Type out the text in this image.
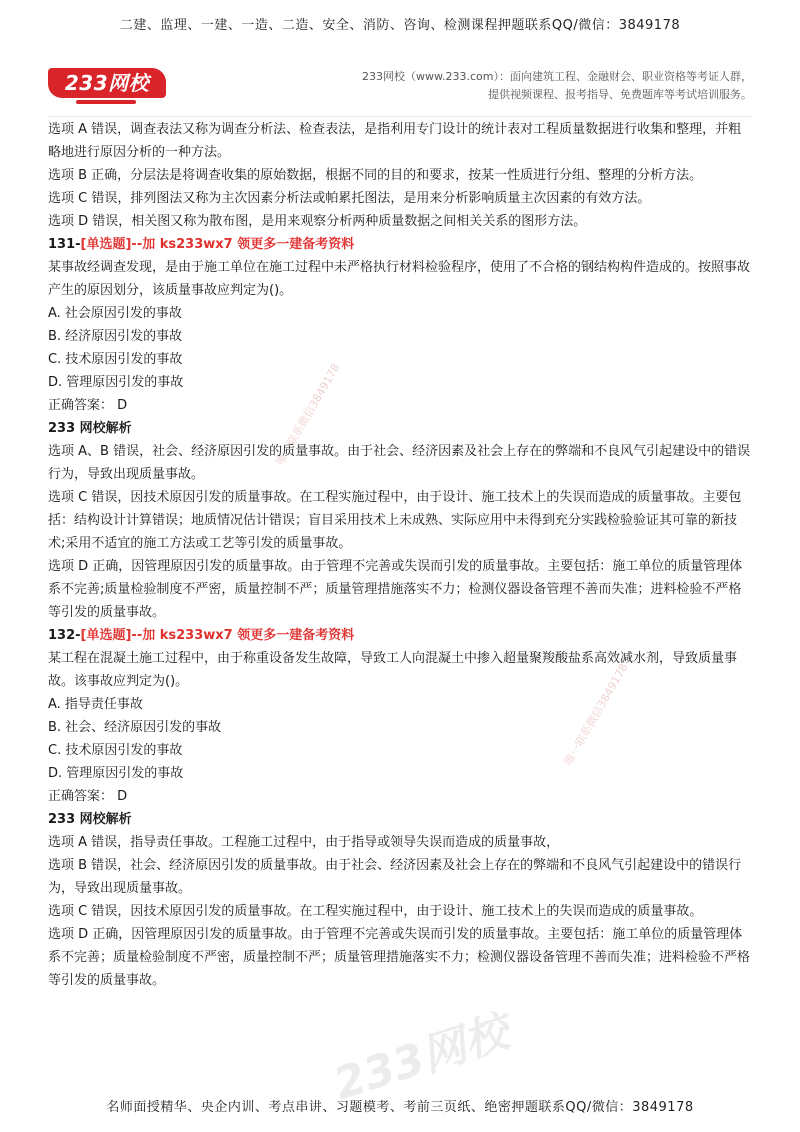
二建、监理、一建、一造、二造、安全、消防、咨询、检测课程押题联系QQ/微信：3849178
233网校	233网校（www.233.com）：面向建筑工程、金融财会、职业资格等考证人群，
提供视频课程、报考指导、免费题库等考试培训服务。
唯一联系微信3849178
唯一联系微信3849178

选项 A 错误，调查表法又称为调查分析法、检查表法，是指利用专门设计的统计表对工程质量数据进行收集和整理，并粗略地进行原因分析的一种方法。

选项 B 正确，分层法是将调查收集的原始数据，根据不同的目的和要求，按某一性质进行分组、整理的分析方法。

选项 C 错误，排列图法又称为主次因素分析法或帕累托图法，是用来分析影响质量主次因素的有效方法。

选项 D 错误，相关图又称为散布图，是用来观察分析两种质量数据之间相关关系的图形方法。

131-[单选题]--加 ks233wx7 领更多一建备考资料

某事故经调查发现，是由于施工单位在施工过程中未严格执行材料检验程序，使用了不合格的钢结构构件造成的。按照事故产生的原因划分，该质量事故应判定为()。

A. 社会原因引发的事故

B. 经济原因引发的事故

C. 技术原因引发的事故

D. 管理原因引发的事故

正确答案： D

233 网校解析

选项 A、B 错误，社会、经济原因引发的质量事故。由于社会、经济因素及社会上存在的弊端和不良风气引起建设中的错误行为，导致出现质量事故。

选项 C 错误，因技术原因引发的质量事故。在工程实施过程中，由于设计、施工技术上的失误而造成的质量事故。主要包括：结构设计计算错误；地质情况估计错误；盲目采用技术上未成熟、实际应用中未得到充分实践检验验证其可靠的新技术;采用不适宜的施工方法或工艺等引发的质量事故。

选项 D 正确，因管理原因引发的质量事故。由于管理不完善或失误而引发的质量事故。主要包括：施工单位的质量管理体系不完善;质量检验制度不严密，质量控制不严；质量管理措施落实不力；检测仪器设备管理不善而失准；进料检验不严格等引发的质量事故。

132-[单选题]--加 ks233wx7 领更多一建备考资料

某工程在混凝土施工过程中，由于称重设备发生故障，导致工人向混凝土中掺入超量聚羧酸盐系高效减水剂，导致质量事故。该事故应判定为()。

A. 指导责任事故

B. 社会、经济原因引发的事故

C. 技术原因引发的事故

D. 管理原因引发的事故

正确答案： D

233 网校解析

选项 A 错误，指导责任事故。工程施工过程中，由于指导或领导失误而造成的质量事故，

选项 B 错误，社会、经济原因引发的质量事故。由于社会、经济因素及社会上存在的弊端和不良风气引起建设中的错误行为，导致出现质量事故。

选项 C 错误，因技术原因引发的质量事故。在工程实施过程中，由于设计、施工技术上的失误而造成的质量事故。

选项 D 正确，因管理原因引发的质量事故。由于管理不完善或失误而引发的质量事故。主要包括：施工单位的质量管理体系不完善；质量检验制度不严密，质量控制不严；质量管理措施落实不力；检测仪器设备管理不善而失准；进料检验不严格等引发的质量事故。

233网校
名师面授精华、央企内训、考点串讲、习题模考、考前三页纸、绝密押题联系QQ/微信：3849178
